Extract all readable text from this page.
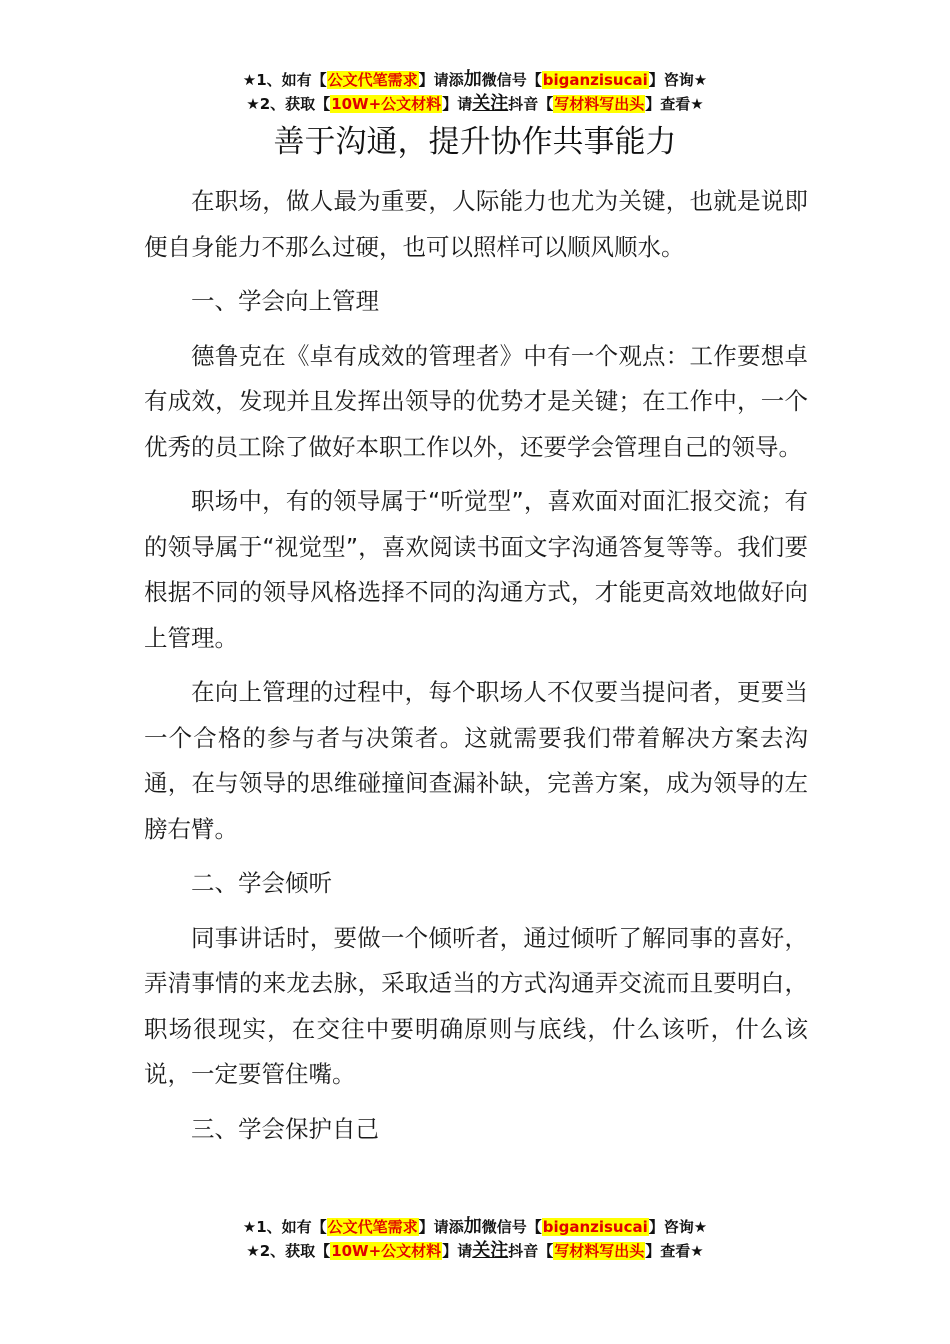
★1、如有【公文代笔需求】请添加微信号【biganzisucai】咨询★
★2、获取【10W+公文材料】请关注抖音【写材料写出头】查看★
善于沟通，提升协作共事能力

在职场，做人最为重要，人际能力也尤为关键，也就是说即便自身能力不那么过硬，也可以照样可以顺风顺水。

一、学会向上管理

德鲁克在《卓有成效的管理者》中有一个观点：工作要想卓有成效，发现并且发挥出领导的优势才是关键；在工作中，一个优秀的员工除了做好本职工作以外，还要学会管理自己的领导。

职场中，有的领导属于“听觉型”，喜欢面对面汇报交流；有的领导属于“视觉型”，喜欢阅读书面文字沟通答复等等。我们要根据不同的领导风格选择不同的沟通方式，才能更高效地做好向上管理。

在向上管理的过程中，每个职场人不仅要当提问者，更要当一个合格的参与者与决策者。这就需要我们带着解决方案去沟通，在与领导的思维碰撞间查漏补缺，完善方案，成为领导的左膀右臂。

二、学会倾听

同事讲话时，要做一个倾听者，通过倾听了解同事的喜好，弄清事情的来龙去脉，采取适当的方式沟通弄交流而且要明白，职场很现实，在交往中要明确原则与底线，什么该听，什么该说，一定要管住嘴。

三、学会保护自己

★1、如有【公文代笔需求】请添加微信号【biganzisucai】咨询★
★2、获取【10W+公文材料】请关注抖音【写材料写出头】查看★
